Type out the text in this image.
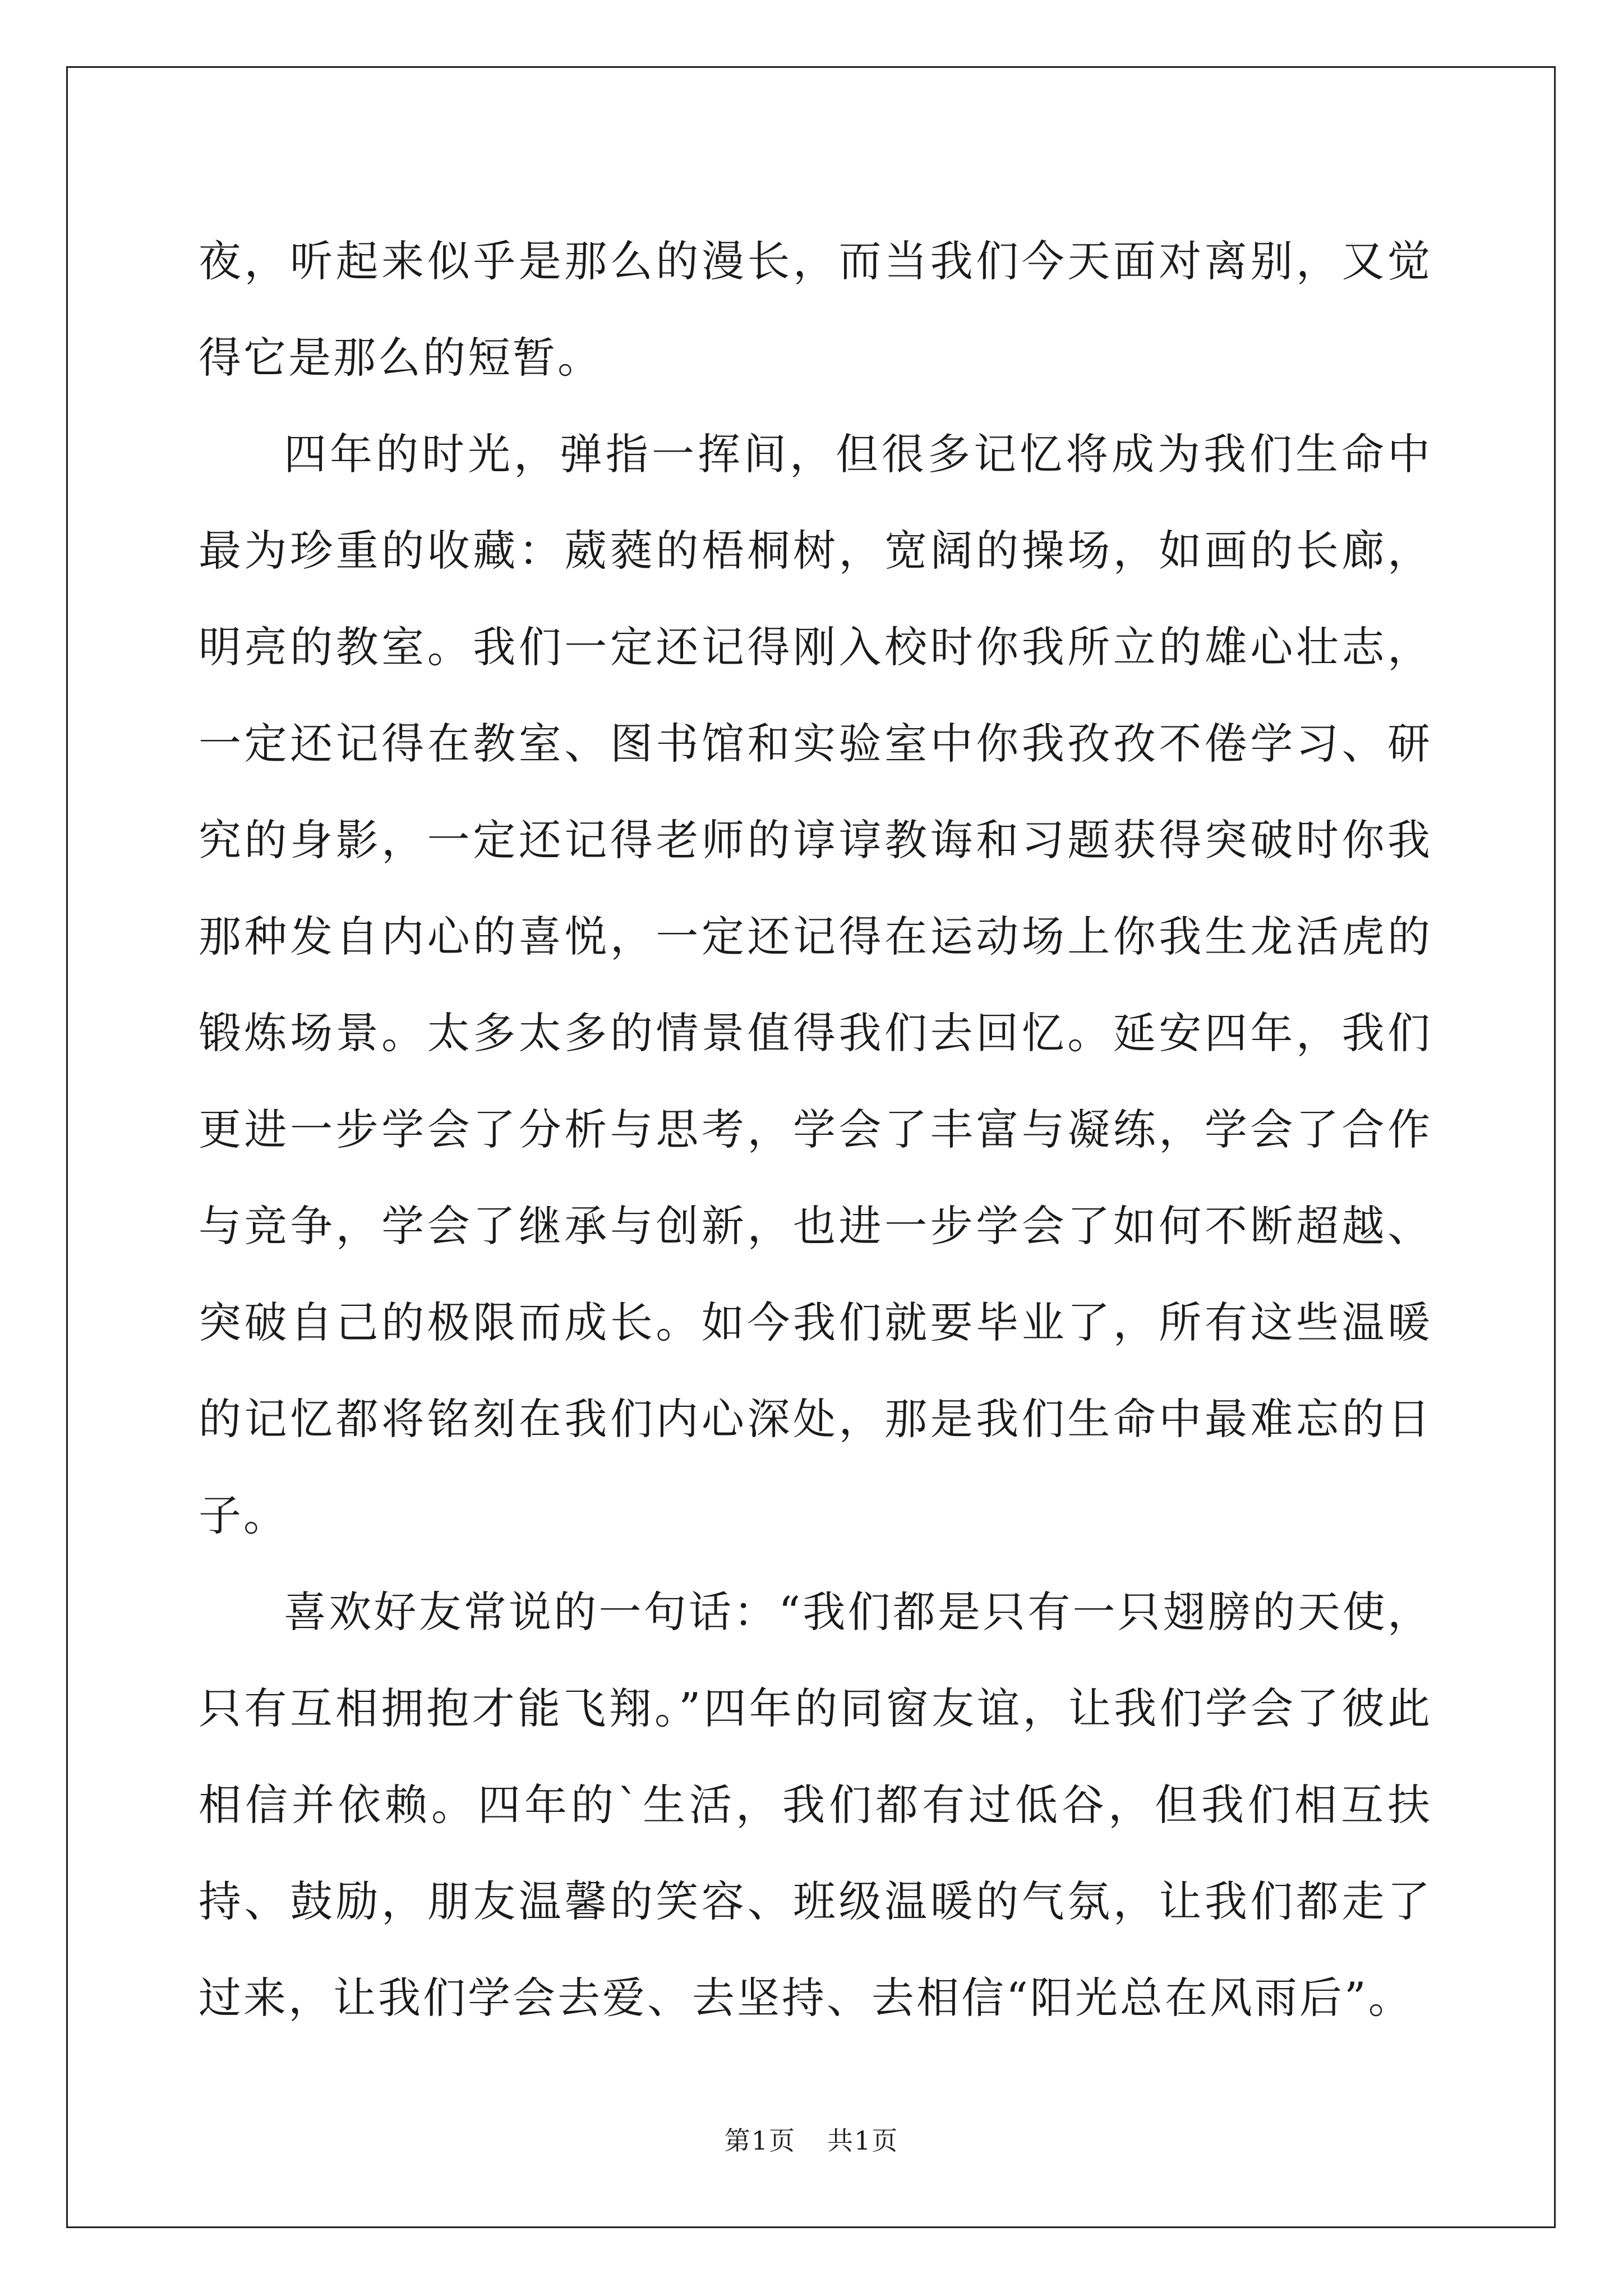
夜，听起来似乎是那么的漫长，而当我们今天面对离别，又觉得它是那么的短暂。

四年的时光，弹指一挥间，但很多记忆将成为我们生命中最为珍重的收藏：葳蕤的梧桐树，宽阔的操场，如画的长廊，明亮的教室。我们一定还记得刚入校时你我所立的雄心壮志，一定还记得在教室、图书馆和实验室中你我孜孜不倦学习、研究的身影，一定还记得老师的谆谆教诲和习题获得突破时你我那种发自内心的喜悦，一定还记得在运动场上你我生龙活虎的锻炼场景。太多太多的情景值得我们去回忆。延安四年，我们更进一步学会了分析与思考，学会了丰富与凝练，学会了合作与竞争，学会了继承与创新，也进一步学会了如何不断超越、突破自己的极限而成长。如今我们就要毕业了，所有这些温暖的记忆都将铭刻在我们内心深处，那是我们生命中最难忘的日子。

喜欢好友常说的一句话：“我们都是只有一只翅膀的天使，只有互相拥抱才能飞翔。”四年的同窗友谊，让我们学会了彼此相信并依赖。四年的`生活，我们都有过低谷，但我们相互扶持、鼓励，朋友温馨的笑容、班级温暖的气氛，让我们都走了过来，让我们学会去爱、去坚持、去相信“阳光总在风雨后”。

第1页 共1页
